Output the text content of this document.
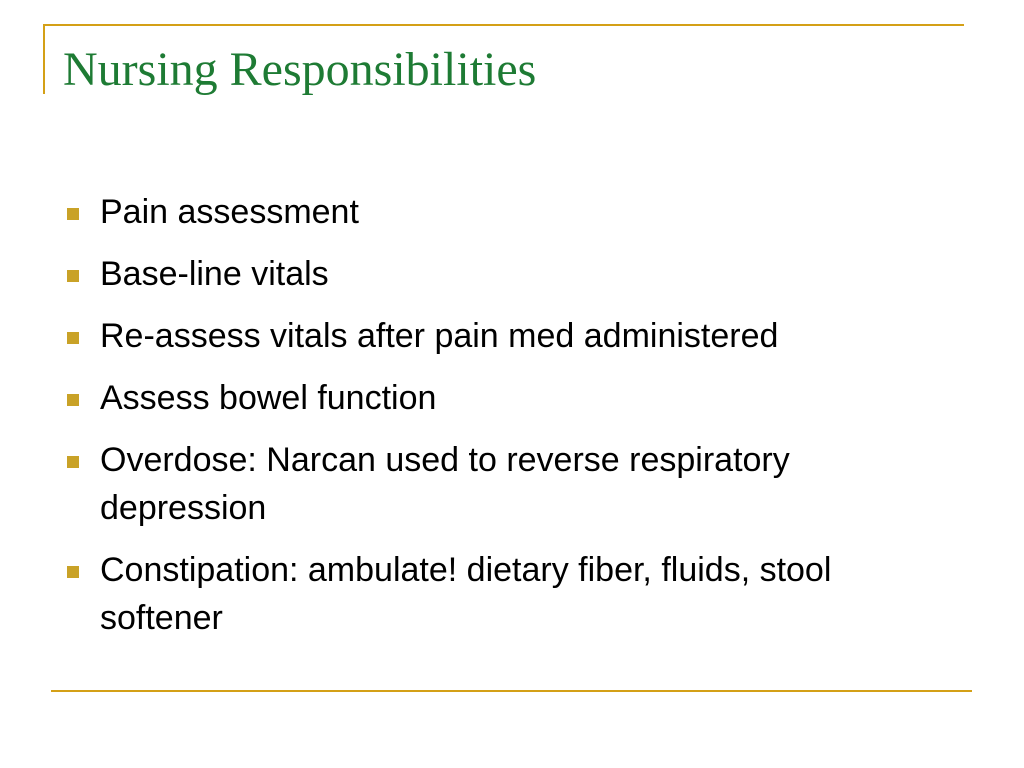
Nursing Responsibilities
Pain assessment
Base-line vitals
Re-assess vitals after pain med administered
Assess bowel function
Overdose: Narcan used to reverse respiratory depression
Constipation: ambulate! dietary fiber, fluids, stool softener
